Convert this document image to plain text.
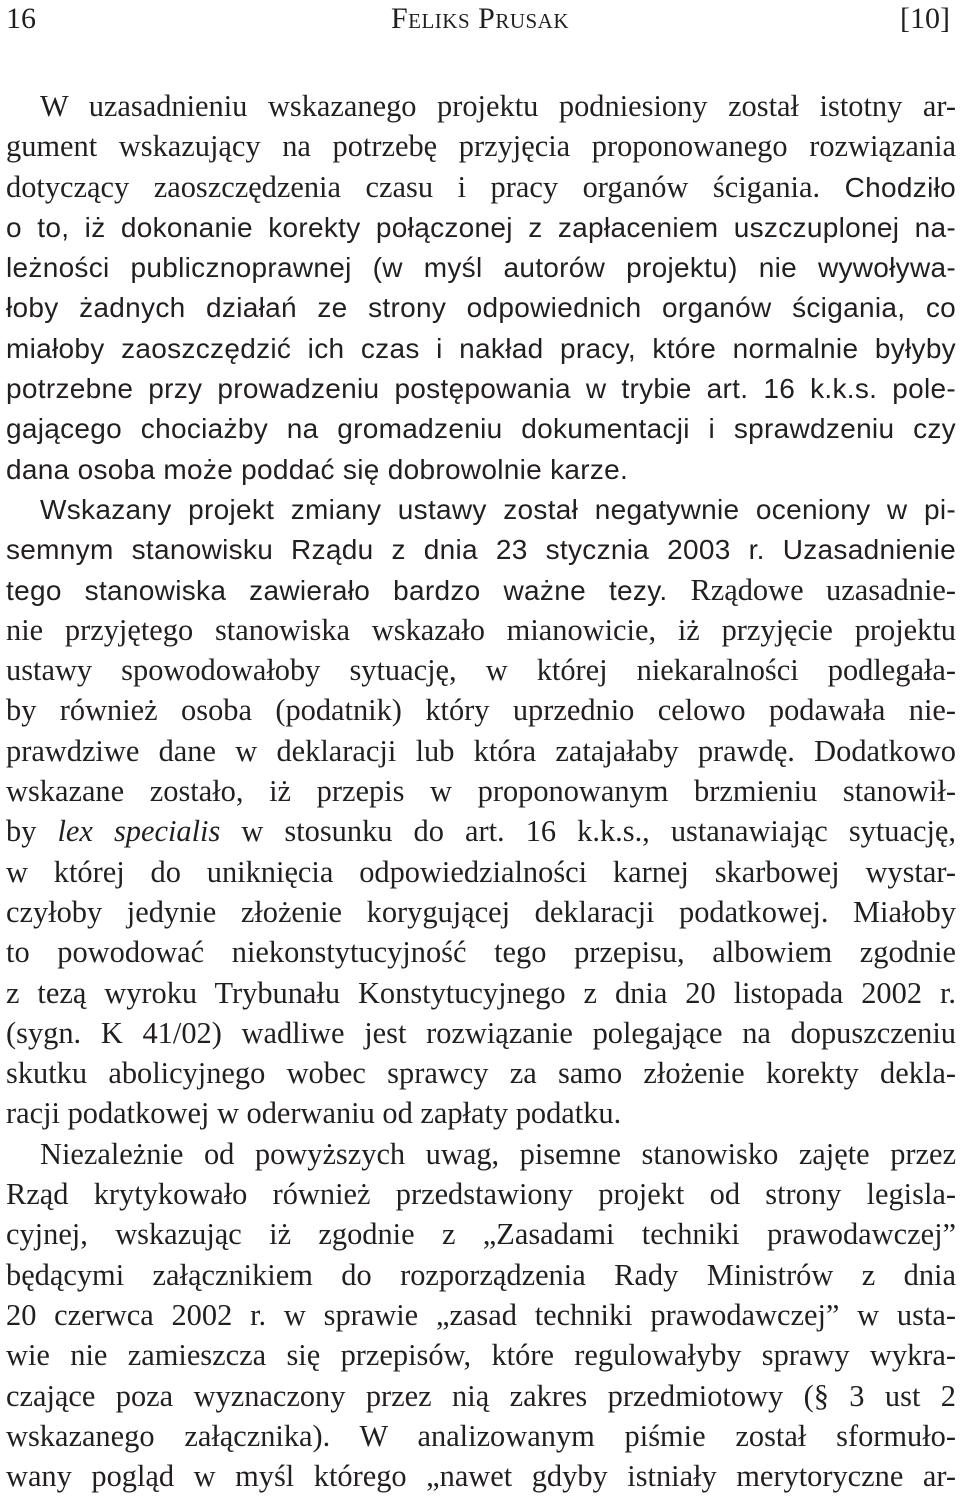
16	Feliks Prusak	[10]
W uzasadnieniu wskazanego projektu podniesiony został istotny ar-
gument wskazujący na potrzebę przyjęcia proponowanego rozwiązania
dotyczący zaoszczędzenia czasu i pracy organów ścigania. Chodziło
o to, iż dokonanie korekty połączonej z zapłaceniem uszczuplonej na-
leżności publicznoprawnej (w myśl autorów projektu) nie wywoływa-
łoby żadnych działań ze strony odpowiednich organów ścigania, co
miałoby zaoszczędzić ich czas i nakład pracy, które normalnie byłyby
potrzebne przy prowadzeniu postępowania w trybie art. 16 k.k.s. pole-
gającego chociażby na gromadzeniu dokumentacji i sprawdzeniu czy
dana osoba może poddać się dobrowolnie karze.
Wskazany projekt zmiany ustawy został negatywnie oceniony w pi-
semnym stanowisku Rządu z dnia 23 stycznia 2003 r. Uzasadnienie
tego stanowiska zawierało bardzo ważne tezy. Rządowe uzasadnie-
nie przyjętego stanowiska wskazało mianowicie, iż przyjęcie projektu
ustawy spowodowałoby sytuację, w której niekaralności podlegała-
by również osoba (podatnik) który uprzednio celowo podawała nie-
prawdziwe dane w deklaracji lub która zatajałaby prawdę. Dodatkowo
wskazane zostało, iż przepis w proponowanym brzmieniu stanowił-
by lex specialis w stosunku do art. 16 k.k.s., ustanawiając sytuację,
w której do uniknięcia odpowiedzialności karnej skarbowej wystar-
czyłoby jedynie złożenie korygującej deklaracji podatkowej. Miałoby
to powodować niekonstytucyjność tego przepisu, albowiem zgodnie
z tezą wyroku Trybunału Konstytucyjnego z dnia 20 listopada 2002 r.
(sygn. K 41/02) wadliwe jest rozwiązanie polegające na dopuszczeniu
skutku abolicyjnego wobec sprawcy za samo złożenie korekty dekla-
racji podatkowej w oderwaniu od zapłaty podatku.
Niezależnie od powyższych uwag, pisemne stanowisko zajęte przez
Rząd krytykowało również przedstawiony projekt od strony legisla-
cyjnej, wskazując iż zgodnie z „Zasadami techniki prawodawczej”
będącymi załącznikiem do rozporządzenia Rady Ministrów z dnia
20 czerwca 2002 r. w sprawie „zasad techniki prawodawczej” w usta-
wie nie zamieszcza się przepisów, które regulowałyby sprawy wykra-
czające poza wyznaczony przez nią zakres przedmiotowy (§ 3 ust 2
wskazanego załącznika). W analizowanym piśmie został sformuło-
wany pogląd w myśl którego „nawet gdyby istniały merytoryczne ar-
